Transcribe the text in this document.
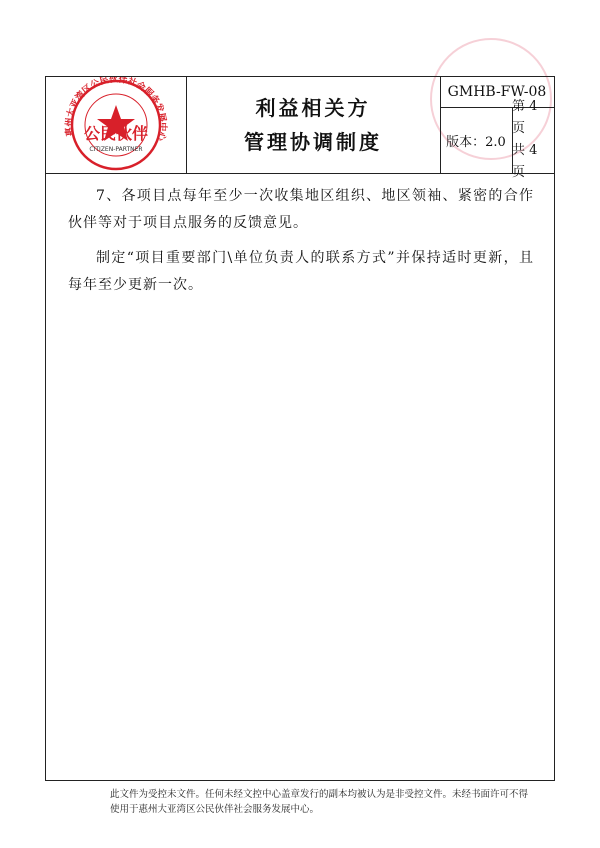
惠州大亚湾区公民伙伴社会服务发展中心
公民伙伴
CITIZEN-PARTNER
利益相关方
管理协调制度
GMHB-FW-08
版本：2.0
第 4 页
共 4 页

7、各项目点每年至少一次收集地区组织、地区领袖、紧密的合作伙伴等对于项目点服务的反馈意见。

制定“项目重要部门\单位负责人的联系方式”并保持适时更新，且每年至少更新一次。

此文件为受控未文件。任何未经文控中心盖章发行的副本均被认为是非受控文件。未经书面许可不得
使用于惠州大亚湾区公民伙伴社会服务发展中心。
